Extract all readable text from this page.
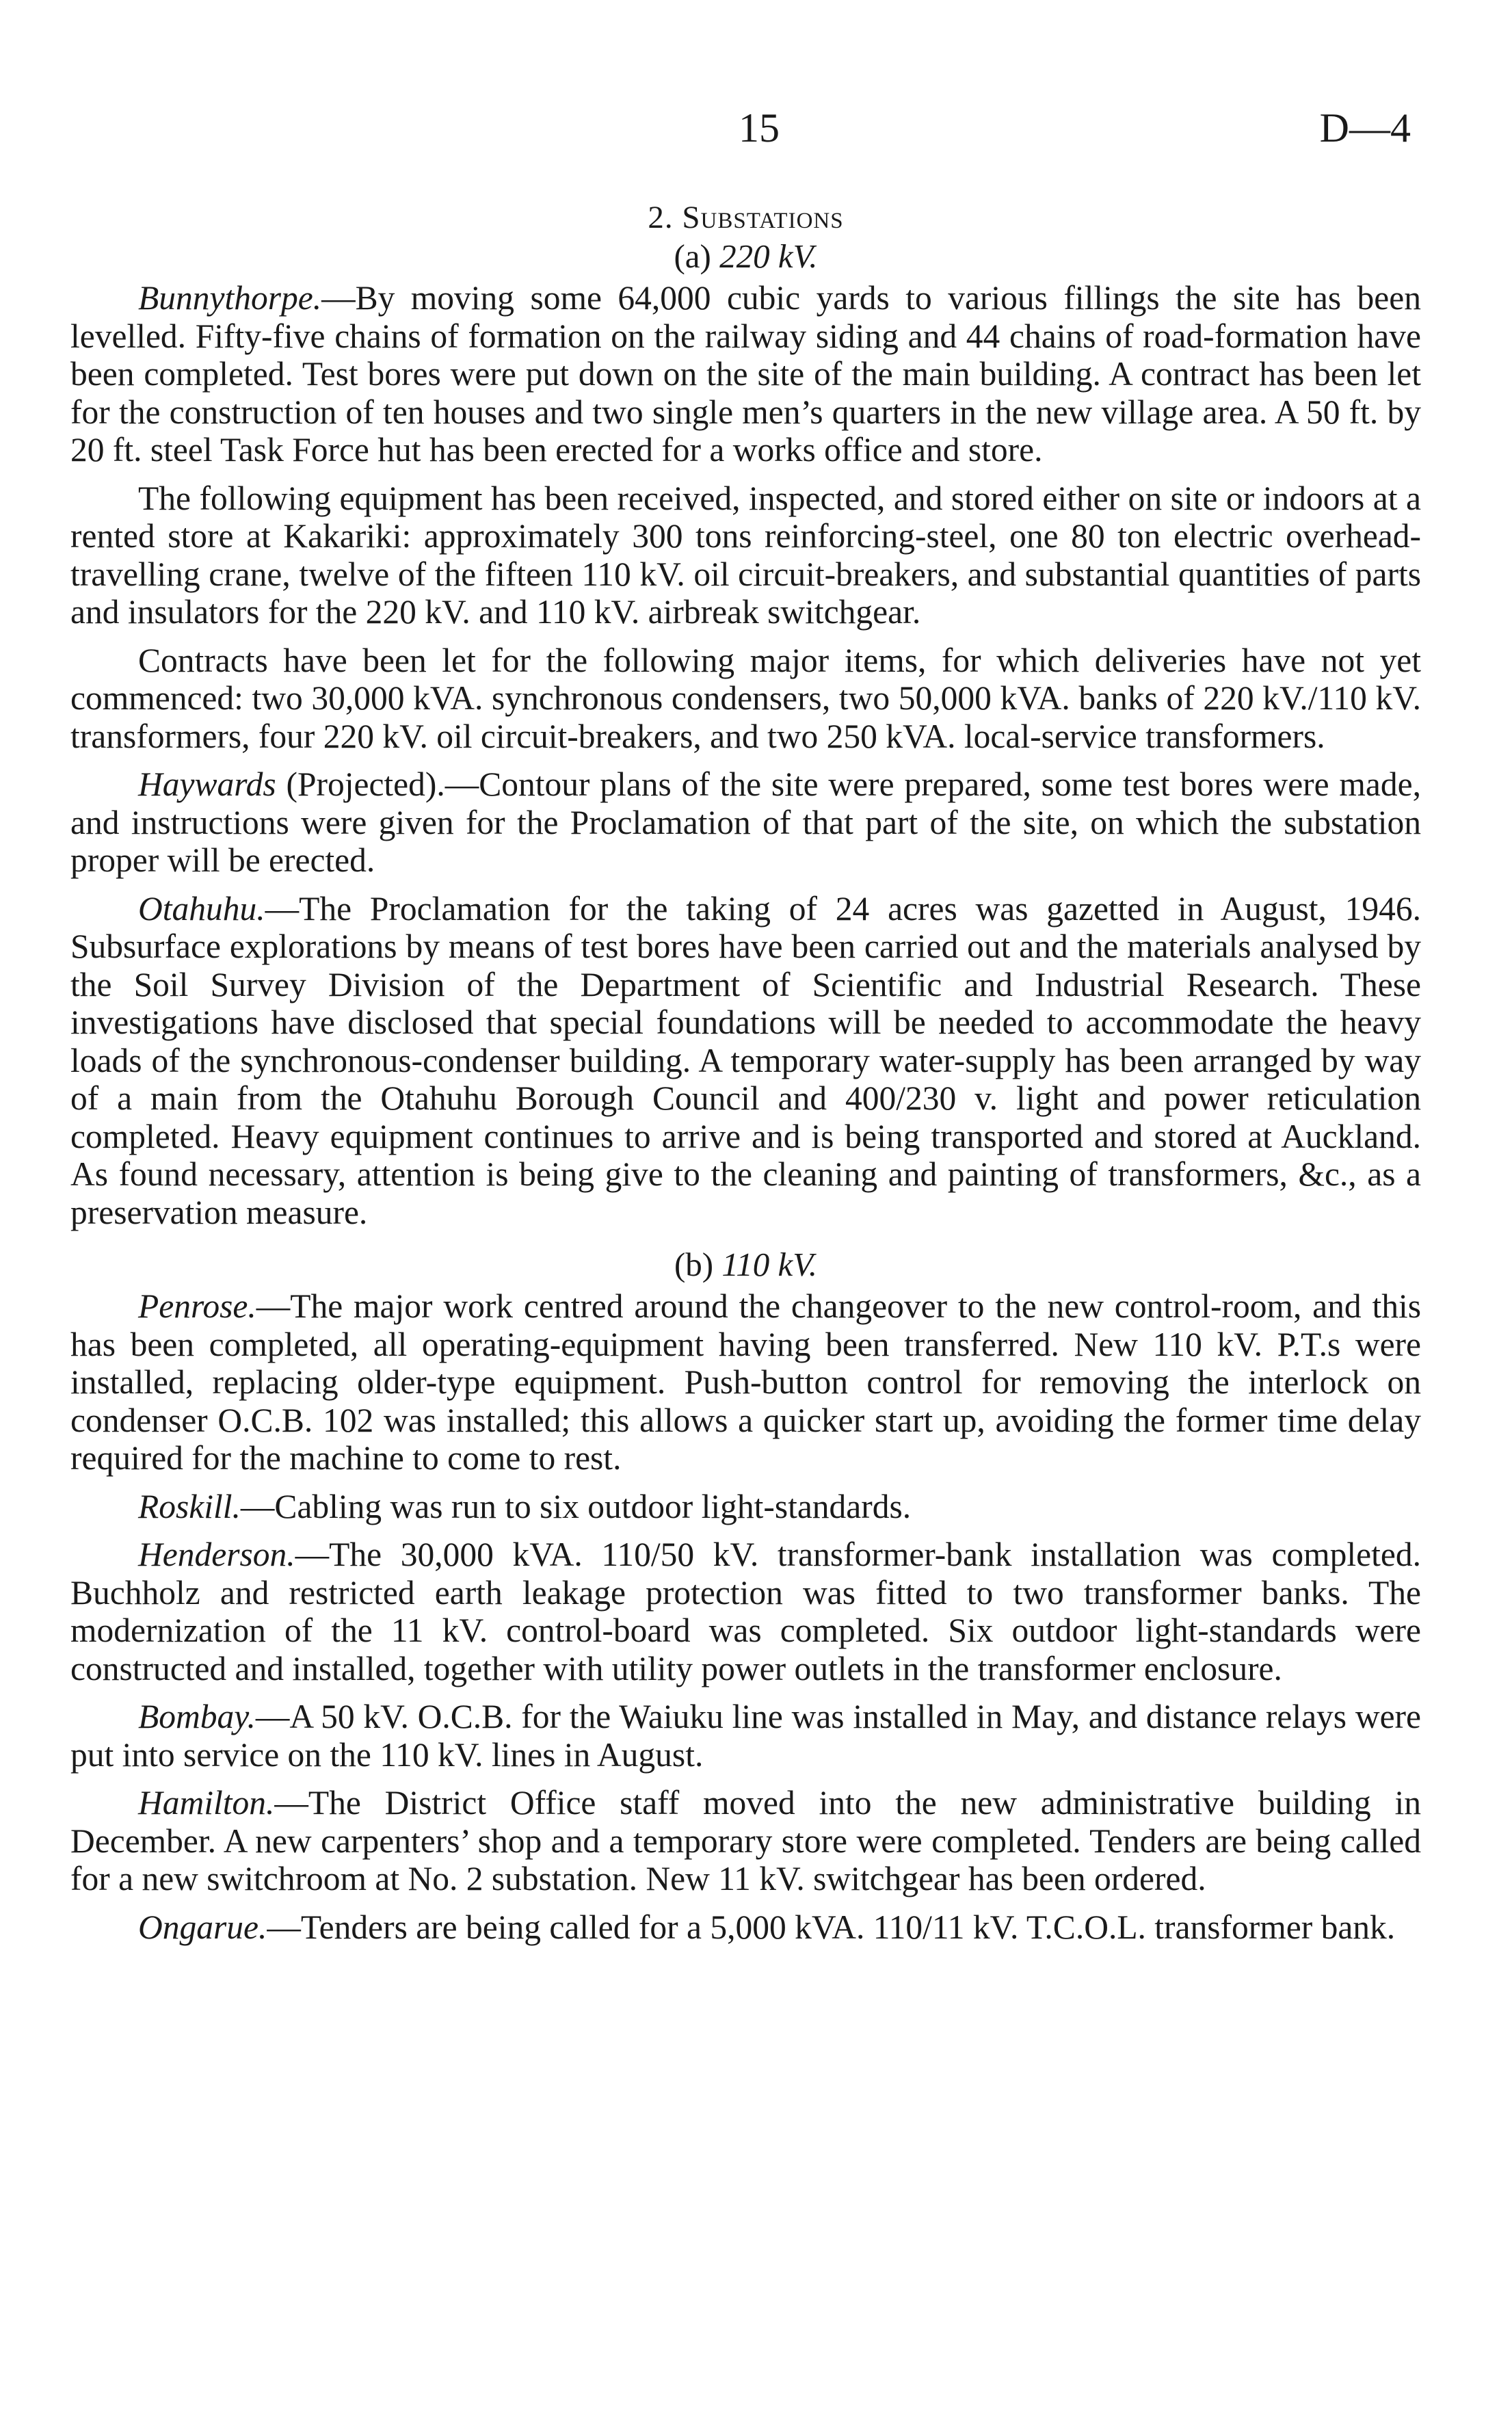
15	D—4

2. Substations

(a) 220 kV.

Bunnythorpe.—By moving some 64,000 cubic yards to various fillings the site has been levelled. Fifty-five chains of formation on the railway siding and 44 chains of road-formation have been completed. Test bores were put down on the site of the main building. A contract has been let for the construction of ten houses and two single men’s quarters in the new village area. A 50 ft. by 20 ft. steel Task Force hut has been erected for a works office and store.

The following equipment has been received, inspected, and stored either on site or indoors at a rented store at Kakariki: approximately 300 tons reinforcing-steel, one 80 ton electric overhead-travelling crane, twelve of the fifteen 110 kV. oil circuit-breakers, and substantial quantities of parts and insulators for the 220 kV. and 110 kV. airbreak switchgear.

Contracts have been let for the following major items, for which deliveries have not yet commenced: two 30,000 kVA. synchronous condensers, two 50,000 kVA. banks of 220 kV./110 kV. transformers, four 220 kV. oil circuit-breakers, and two 250 kVA. local-service transformers.

Haywards (Projected).—Contour plans of the site were prepared, some test bores were made, and instructions were given for the Proclamation of that part of the site, on which the substation proper will be erected.

Otahuhu.—The Proclamation for the taking of 24 acres was gazetted in August, 1946. Subsurface explorations by means of test bores have been carried out and the materials analysed by the Soil Survey Division of the Department of Scientific and Industrial Research. These investigations have disclosed that special foundations will be needed to accommodate the heavy loads of the synchronous-condenser building. A temporary water-supply has been arranged by way of a main from the Otahuhu Borough Council and 400/230 v. light and power reticulation completed. Heavy equipment continues to arrive and is being transported and stored at Auckland. As found necessary, attention is being give to the cleaning and painting of transformers, &c., as a preservation measure.

(b) 110 kV.

Penrose.—The major work centred around the changeover to the new control-room, and this has been completed, all operating-equipment having been transferred. New 110 kV. P.T.s were installed, replacing older-type equipment. Push-button control for removing the interlock on condenser O.C.B. 102 was installed; this allows a quicker start up, avoiding the former time delay required for the machine to come to rest.

Roskill.—Cabling was run to six outdoor light-standards.

Henderson.—The 30,000 kVA. 110/50 kV. transformer-bank installation was completed. Buchholz and restricted earth leakage protection was fitted to two transformer banks. The modernization of the 11 kV. control-board was completed. Six outdoor light-standards were constructed and installed, together with utility power outlets in the transformer enclosure.

Bombay.—A 50 kV. O.C.B. for the Waiuku line was installed in May, and distance relays were put into service on the 110 kV. lines in August.

Hamilton.—The District Office staff moved into the new administrative building in December. A new carpenters’ shop and a temporary store were completed. Tenders are being called for a new switchroom at No. 2 substation. New 11 kV. switchgear has been ordered.

Ongarue.—Tenders are being called for a 5,000 kVA. 110/11 kV. T.C.O.L. transformer bank.
